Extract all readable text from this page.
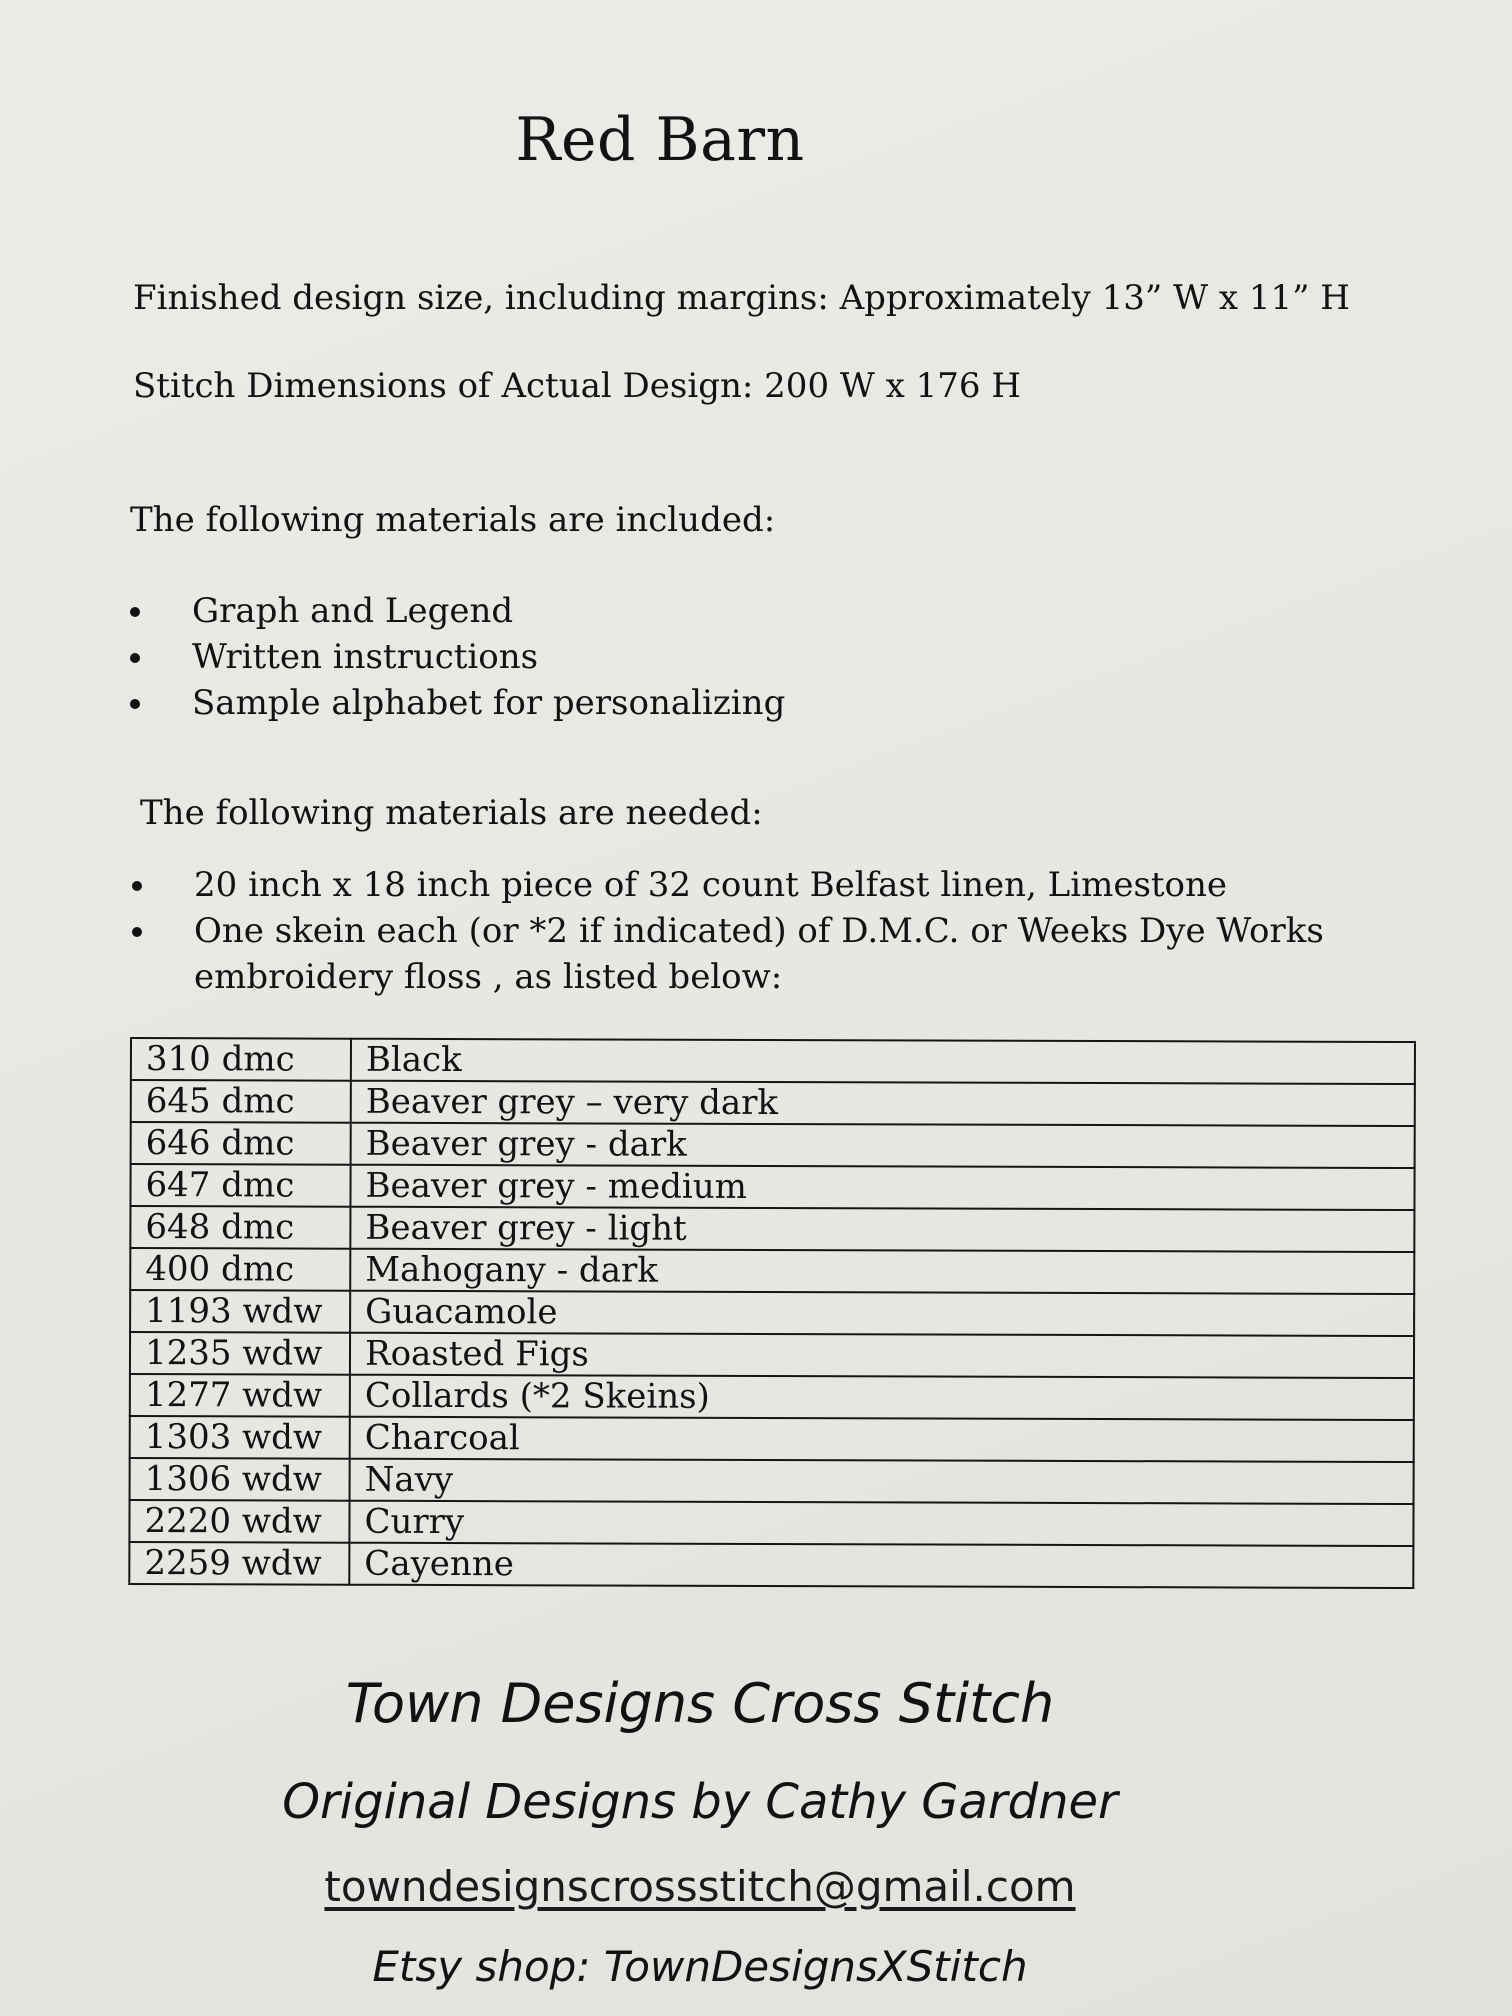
Red Barn

Finished design size, including margins: Approximately 13” W x 11” H

Stitch Dimensions of Actual Design: 200 W x 176 H

The following materials are included:

Graph and Legend
Written instructions
Sample alphabet for personalizing

The following materials are needed:

20 inch x 18 inch piece of 32 count Belfast linen, Limestone
One skein each (or *2 if indicated) of D.M.C. or Weeks Dye Works embroidery floss , as listed below:
310 dmc	Black
645 dmc	Beaver grey – very dark
646 dmc	Beaver grey - dark
647 dmc	Beaver grey - medium
648 dmc	Beaver grey - light
400 dmc	Mahogany - dark
1193 wdw	Guacamole
1235 wdw	Roasted Figs
1277 wdw	Collards (*2 Skeins)
1303 wdw	Charcoal
1306 wdw	Navy
2220 wdw	Curry
2259 wdw	Cayenne

Town Designs Cross Stitch

Original Designs by Cathy Gardner

towndesignscrossstitch@gmail.com

Etsy shop: TownDesignsXStitch
